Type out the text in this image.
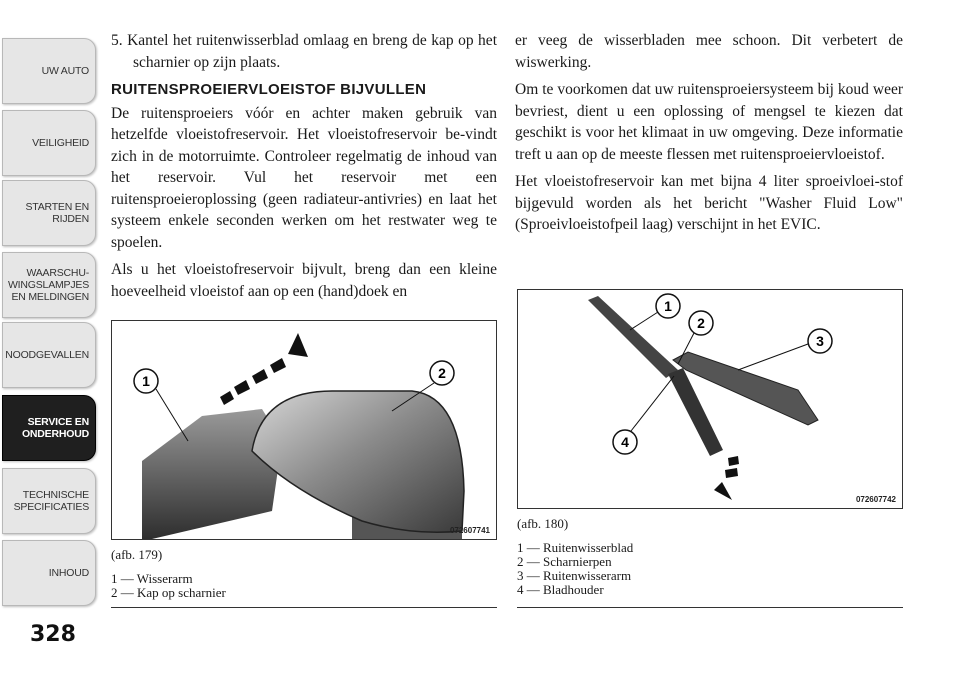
UW AUTO
VEILIGHEID
STARTEN EN RIJDEN
WAARSCHU- WINGSLAMPJES EN MELDINGEN
NOODGEVALLEN
SERVICE EN ONDERHOUD
TECHNISCHE SPECIFICATIES
INHOUD
328

5. Kantel het ruitenwisserblad omlaag en breng de kap op het scharnier op zijn plaats.

RUITENSPROEIERVLOEISTOF BIJVULLEN

De ruitensproeiers vóór en achter maken gebruik van hetzelfde vloeistofreservoir. Het vloeistofreservoir be-vindt zich in de motorruimte. Controleer regelmatig de inhoud van het reservoir. Vul het reservoir met een ruitensproeieroplossing (geen radiateur-antivries) en laat het systeem enkele seconden werken om het restwater weg te spoelen.

Als u het vloeistofreservoir bijvult, breng dan een kleine hoeveelheid vloeistof aan op een (hand)doek en

er veeg de wisserbladen mee schoon. Dit verbetert de wiswerking.

Om te voorkomen dat uw ruitensproeiersysteem bij koud weer bevriest, dient u een oplossing of mengsel te kiezen dat geschikt is voor het klimaat in uw omgeving. Deze informatie treft u aan op de meeste flessen met ruitensproeiervloeistof.

Het vloeistofreservoir kan met bijna 4 liter sproeivloei-stof bijgevuld worden als het bericht "Washer Fluid Low" (Sproeivloeistofpeil laag) verschijnt in het EVIC.

1	2
072607741
(afb. 179)
1 — Wisserarm
2 — Kap op scharnier
1
2
3
4
072607742
(afb. 180)
1 — Ruitenwisserblad
2 — Scharnierpen
3 — Ruitenwisserarm
4 — Bladhouder
